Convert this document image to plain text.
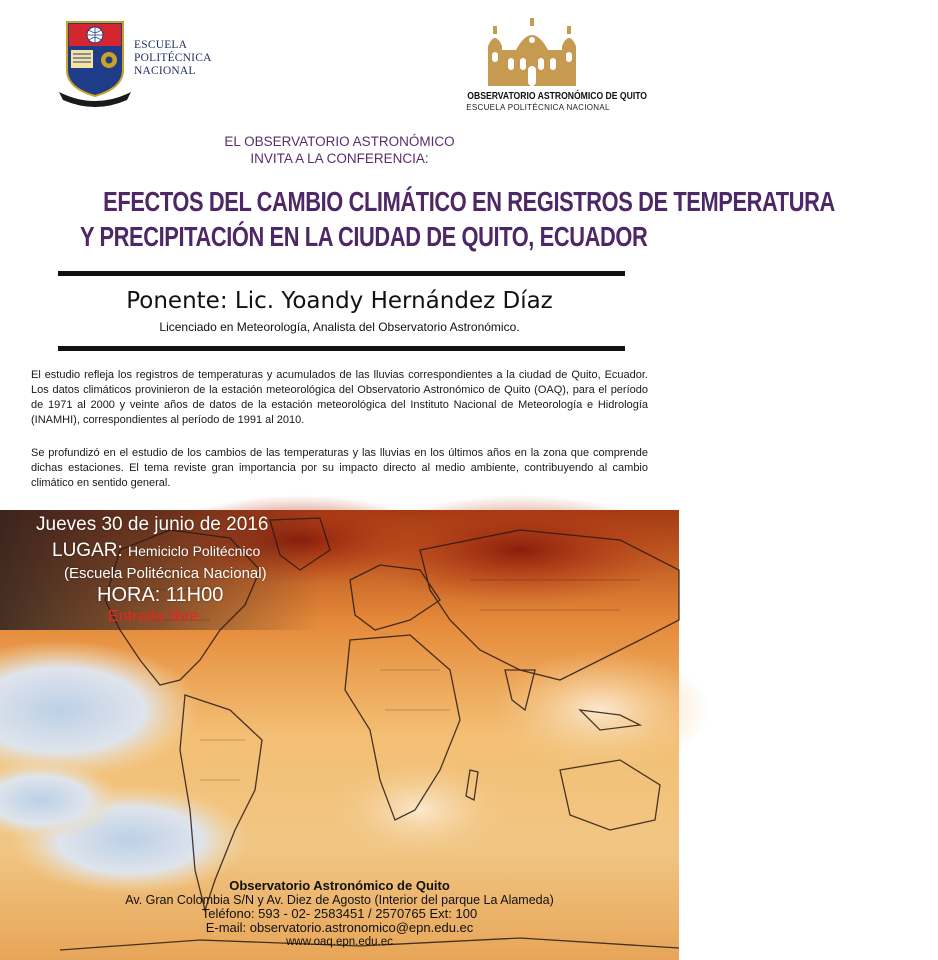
ESCUELA
POLITÉCNICA
NACIONAL
OBSERVATORIO ASTRONÓMICO DE QUITO
ESCUELA POLITÉCNICA NACIONAL
EL OBSERVATORIO ASTRONÓMICO
INVITA A LA CONFERENCIA:
EFECTOS DEL CAMBIO CLIMÁTICO EN REGISTROS DE TEMPERATURA
Y PRECIPITACIÓN EN LA CIUDAD DE QUITO, ECUADOR
Ponente: Lic. Yoandy Hernández Díaz
Licenciado en Meteorología, Analista del Observatorio Astronómico.
El estudio refleja los registros de temperaturas y acumulados de las lluvias correspondientes a la ciudad de Quito, Ecuador. Los datos climáticos provinieron de la estación meteorológica del Observatorio Astronómico de Quito (OAQ), para el período de 1971 al 2000 y veinte años de datos de la estación meteorológica del Instituto Nacional de Meteorología e Hidrología (INAMHI), correspondientes al período de 1991 al 2010.
Se profundizó en el estudio de los cambios de las temperaturas y las lluvias en los últimos años en la zona que comprende dichas estaciones. El tema reviste gran importancia por su impacto directo al medio ambiente, contribuyendo al cambio climático en sentido general.
Jueves 30 de junio de 2016
LUGAR: Hemiciclo Politécnico
(Escuela Politécnica Nacional)
HORA: 11H00
Entrada libre
Observatorio Astronómico de Quito
Av. Gran Colombia S/N y Av. Diez de Agosto (Interior del parque La Alameda)
Teléfono: 593 - 02- 2583451 / 2570765 Ext: 100
E-mail: observatorio.astronomico@epn.edu.ec
www.oaq.epn.edu.ec
